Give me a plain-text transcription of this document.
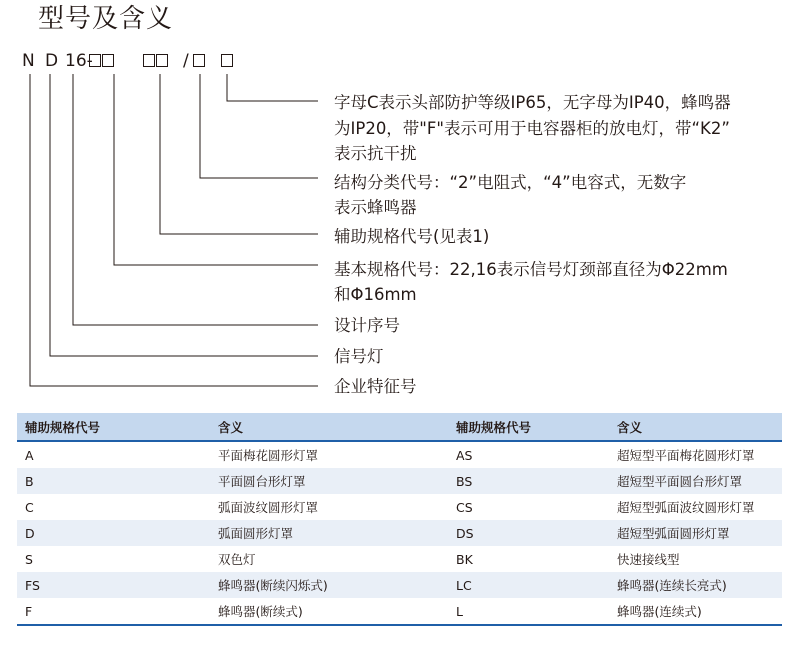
型号及含义
N D 16-	/
字母C表示头部防护等级IP65，无字母为IP40，蜂鸣器
为IP20，带"F"表示可用于电容器柜的放电灯，带“K2”
表示抗干扰
结构分类代号：“2”电阻式，“4”电容式，无数字
表示蜂鸣器
辅助规格代号(见表1)
基本规格代号：22,16表示信号灯颈部直径为Φ22mm
和Φ16mm
设计序号
信号灯
企业特征号
辅助规格代号	含义	辅助规格代号	含义
A	平面梅花圆形灯罩	AS	超短型平面梅花圆形灯罩
B	平面圆台形灯罩	BS	超短型平面圆台形灯罩
C	弧面波纹圆形灯罩	CS	超短型弧面波纹圆形灯罩
D	弧面圆形灯罩	DS	超短型弧面圆形灯罩
S	双色灯	BK	快速接线型
FS	蜂鸣器(断续闪烁式)	LC	蜂鸣器(连续长亮式)
F	蜂鸣器(断续式)	L	蜂鸣器(连续式)
